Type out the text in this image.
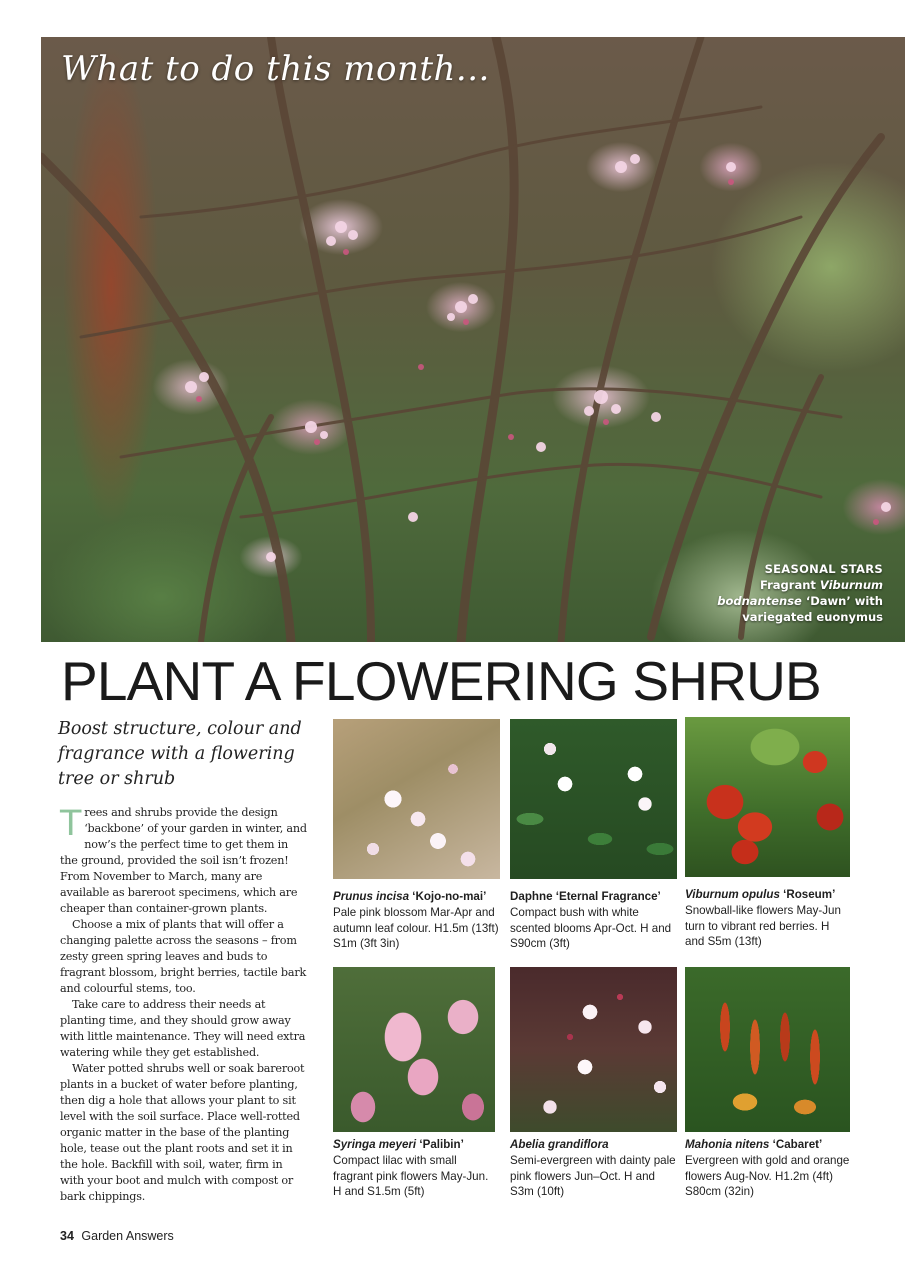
What to do this month...
SEASONAL STARS
Fragrant Viburnum
bodnantense ‘Dawn’ with
variegated euonymus
PLANT A FLOWERING SHRUB
Boost structure, colour and fragrance with a flowering tree or shrub

Trees and shrubs provide the design ‘backbone’ of your garden in winter, and now’s the perfect time to get them in the ground, provided the soil isn’t frozen! From November to March, many are available as bareroot specimens, which are cheaper than container-grown plants.

Choose a mix of plants that will offer a changing palette across the seasons – from zesty green spring leaves and buds to fragrant blossom, bright berries, tactile bark and colourful stems, too.

Take care to address their needs at planting time, and they should grow away with little maintenance. They will need extra watering while they get established.

Water potted shrubs well or soak bareroot plants in a bucket of water before planting, then dig a hole that allows your plant to sit level with the soil surface. Place well-rotted organic matter in the base of the planting hole, tease out the plant roots and set it in the hole. Backfill with soil, water, firm in with your boot and mulch with compost or bark chippings.

Prunus incisa ‘Kojo-no-mai’
Pale pink blossom Mar-Apr and autumn leaf colour. H1.5m (13ft) S1m (3ft 3in)
Daphne ‘Eternal Fragrance’ Compact bush with white scented blooms Apr-Oct. H and S90cm (3ft)
Viburnum opulus ‘Roseum’
Snowball-like flowers May-Jun turn to vibrant red berries. H and S5m (13ft)
Syringa meyeri ‘Palibin’
Compact lilac with small fragrant pink flowers May-Jun. H and S1.5m (5ft)
Abelia grandiflora
Semi-evergreen with dainty pale pink flowers Jun–Oct. H and S3m (10ft)
Mahonia nitens ‘Cabaret’
Evergreen with gold and orange flowers Aug-Nov. H1.2m (4ft) S80cm (32in)
34 Garden Answers
